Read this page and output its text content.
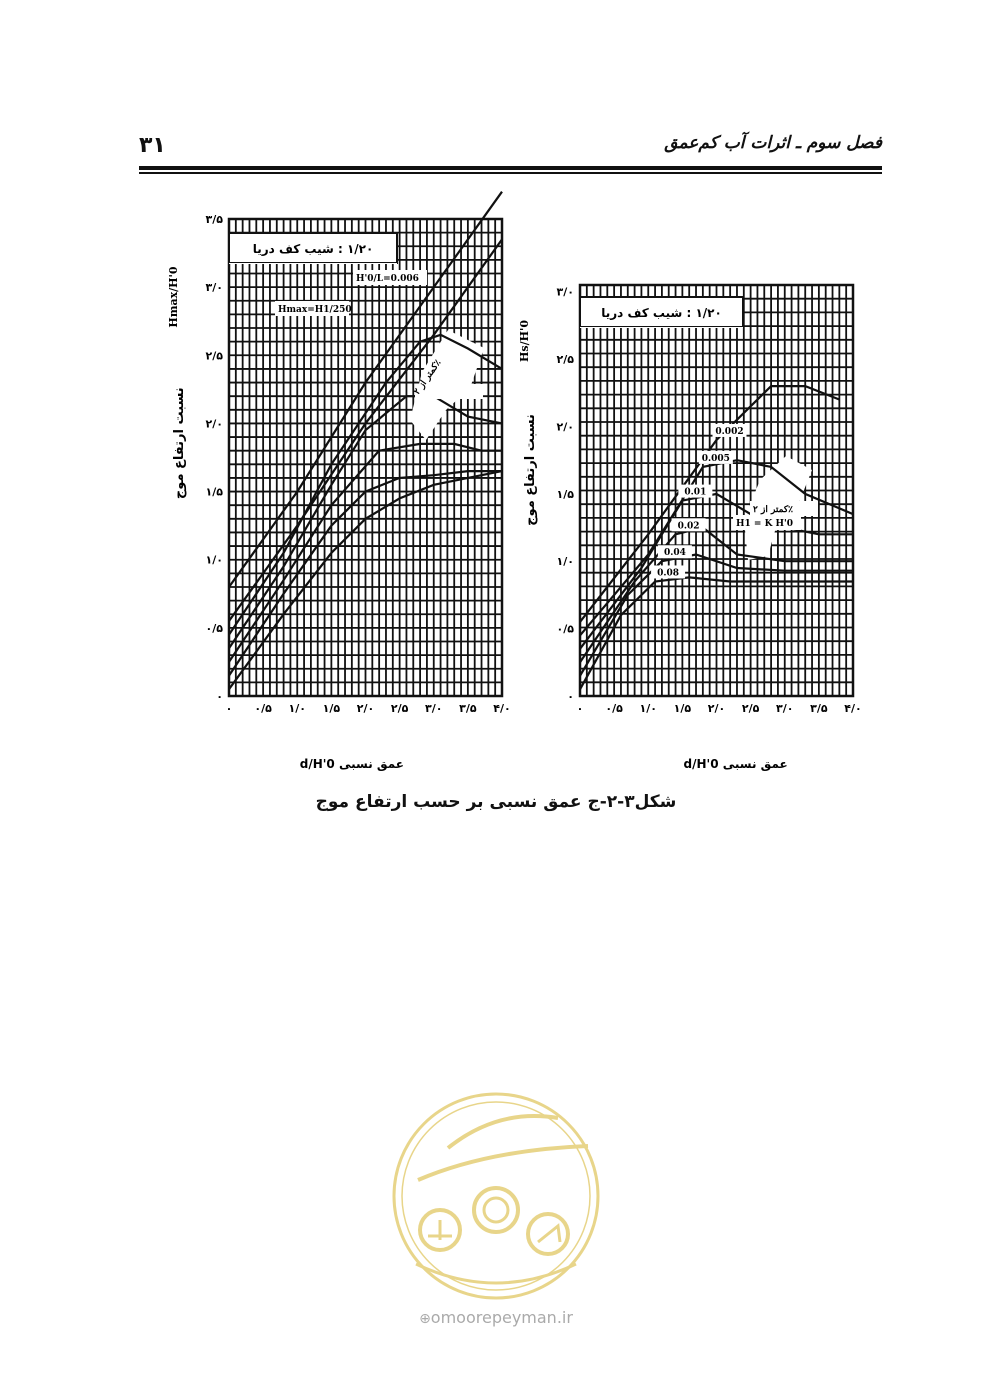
۳۱	فصل سوم ـ اثرات آب کم‌عمق
۱/۲۰ : شیب کف دریا
H'0/L=0.006
Hmax=H1/250
کمتر از ۲٪
۰ ۰/۵ ۱/۰ ۱/۵ ۲/۰ ۲/۵ ۳/۰ ۳/۵ ۴/۰
۰
۰/۵
۱/۰
۱/۵
۲/۰
۲/۵
۳/۰
۳/۵
نسبت ارتفاع موج
Hmax/H'0
d/H'0 عمق نسبی
۱/۲۰ : شیب کف دریا
0.002
0.005
0.01
0.02
0.04
0.08
کمتر از ۲٪
H1 = K H'0
۰ ۰/۵ ۱/۰ ۱/۵ ۲/۰ ۲/۵ ۳/۰ ۳/۵ ۴/۰
۰
۰/۵
۱/۰
۱/۵
۲/۰
۲/۵
۳/۰
نسبت ارتفاع موج
Hs/H'0
d/H'0 عمق نسبی
شکل۳-۲-ج عمق نسبی بر حسب ارتفاع موج
⊕omoorepeyman.ir
